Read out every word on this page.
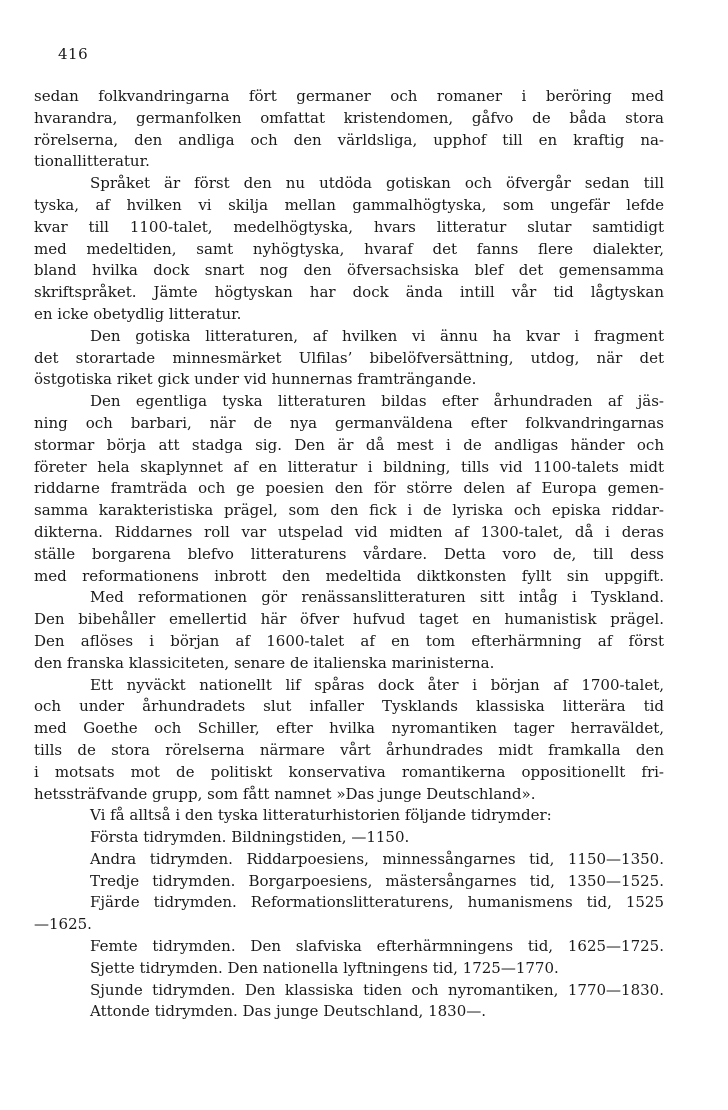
416
sedan folkvandringarna fört germaner och romaner i beröring med
hvarandra, germanfolken omfattat kristendomen, gåfvo de båda stora
rörelserna, den andliga och den världsliga, upphof till en kraftig na-
tionallitteratur.
Språket är först den nu utdöda gotiskan och öfvergår sedan till
tyska, af hvilken vi skilja mellan gammalhögtyska, som ungefär lefde
kvar till 1100-talet, medelhögtyska, hvars litteratur slutar samtidigt
med medeltiden, samt nyhögtyska, hvaraf det fanns flere dialekter,
bland hvilka dock snart nog den öfversachsiska blef det gemensamma
skriftspråket. Jämte högtyskan har dock ända intill vår tid lågtyskan
en icke obetydlig litteratur.
Den gotiska litteraturen, af hvilken vi ännu ha kvar i fragment
det storartade minnesmärket Ulfilas’ bibelöfversättning, utdog, när det
östgotiska riket gick under vid hunnernas framträngande.
Den egentliga tyska litteraturen bildas efter århundraden af jäs-
ning och barbari, när de nya germanväldena efter folkvandringarnas
stormar börja att stadga sig. Den är då mest i de andligas händer och
företer hela skaplynnet af en litteratur i bildning, tills vid 1100-talets midt
riddarne framträda och ge poesien den för större delen af Europa gemen-
samma karakteristiska prägel, som den fick i de lyriska och episka riddar-
dikterna. Riddarnes roll var utspelad vid midten af 1300-talet, då i deras
ställe borgarena blefvo litteraturens vårdare. Detta voro de, till dess
med reformationens inbrott den medeltida diktkonsten fyllt sin uppgift.
Med reformationen gör renässanslitteraturen sitt intåg i Tyskland.
Den bibehåller emellertid här öfver hufvud taget en humanistisk prägel.
Den aflöses i början af 1600-talet af en tom efterhärmning af först
den franska klassiciteten, senare de italienska marinisterna.
Ett nyväckt nationellt lif spåras dock åter i början af 1700-talet,
och under århundradets slut infaller Tysklands klassiska litterära tid
med Goethe och Schiller, efter hvilka nyromantiken tager herraväldet,
tills de stora rörelserna närmare vårt århundrades midt framkalla den
i motsats mot de politiskt konservativa romantikerna oppositionellt fri-
hetssträfvande grupp, som fått namnet »Das junge Deutschland».
Vi få alltså i den tyska litteraturhistorien följande tidrymder:
Första tidrymden. Bildningstiden, —1150.
Andra tidrymden. Riddarpoesiens, minnessångarnes tid, 1150—1350.
Tredje tidrymden. Borgarpoesiens, mästersångarnes tid, 1350—1525.
Fjärde tidrymden. Reformationslitteraturens, humanismens tid, 1525
—1625.
Femte tidrymden. Den slafviska efterhärmningens tid, 1625—1725.
Sjette tidrymden. Den nationella lyftningens tid, 1725—1770.
Sjunde tidrymden. Den klassiska tiden och nyromantiken, 1770—1830.
Attonde tidrymden. Das junge Deutschland, 1830—.
